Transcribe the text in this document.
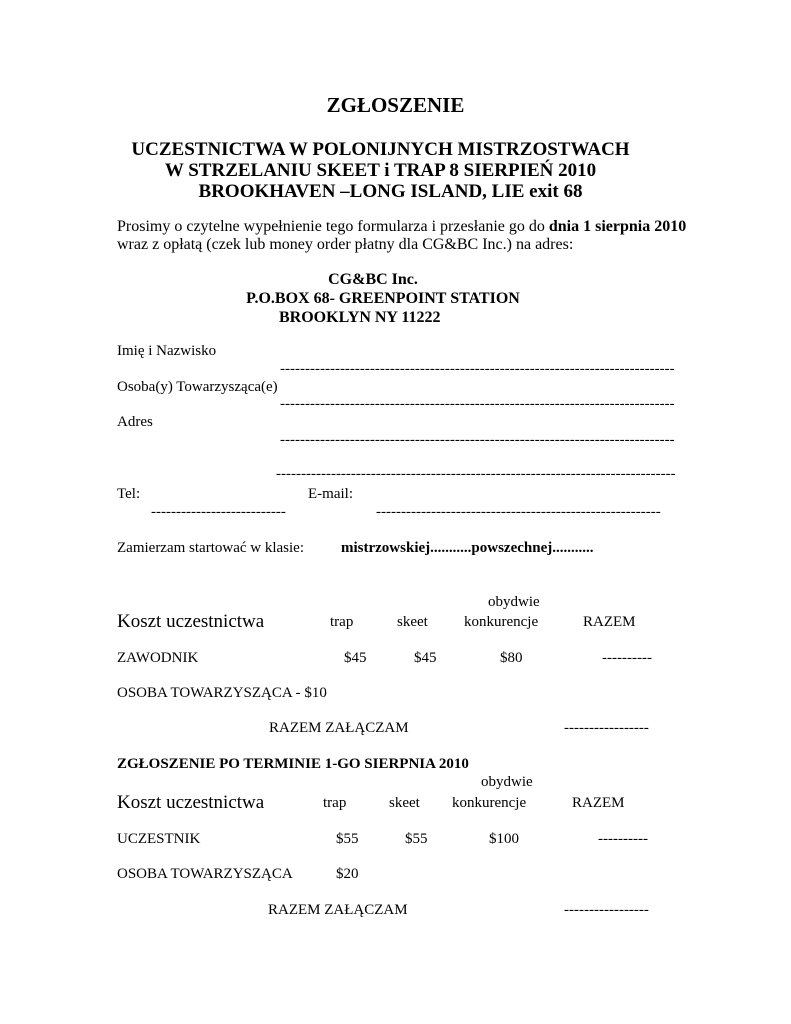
ZGŁOSZENIE
UCZESTNICTWA W POLONIJNYCH MISTRZOSTWACH
W STRZELANIU SKEET i TRAP 8 SIERPIEŃ 2010
BROOKHAVEN –LONG ISLAND, LIE exit 68
Prosimy o czytelne wypełnienie tego formularza i przesłanie go do dnia 1 sierpnia 2010
wraz z opłatą (czek lub money order płatny dla CG&BC Inc.) na adres:
CG&BC Inc.
P.O.BOX 68- GREENPOINT STATION
BROOKLYN NY 11222
Imię i Nazwisko
-------------------------------------------------------------------------------
Osoba(y) Towarzysząca(e)
-------------------------------------------------------------------------------
Adres
-------------------------------------------------------------------------------
--------------------------------------------------------------------------------
Tel:	E-mail:
---------------------------	---------------------------------------------------------
Zamierzam startować w klasie: mistrzowskiej...........powszechnej...........
obydwie
Koszt uczestnictwa	trap	skeet konkurencje	RAZEM
ZAWODNIK	$45	$45	$80	----------
OSOBA TOWARZYSZĄCA - $10
RAZEM ZAŁĄCZAM	-----------------
ZGŁOSZENIE PO TERMINIE 1-GO SIERPNIA 2010
obydwie
Koszt uczestnictwa	trap	skeet konkurencje	RAZEM
UCZESTNIK	$55	$55	$100	----------
OSOBA TOWARZYSZĄCA	$20
RAZEM ZAŁĄCZAM	-----------------
